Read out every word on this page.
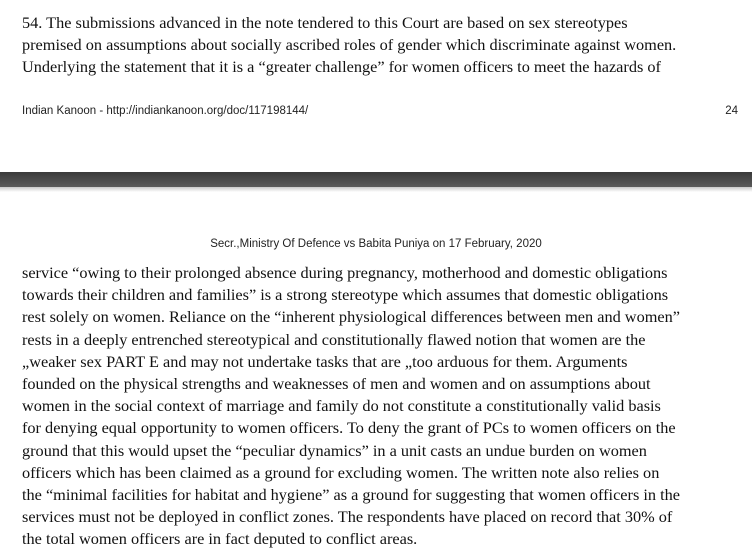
54. The submissions advanced in the note tendered to this Court are based on sex stereotypes
premised on assumptions about socially ascribed roles of gender which discriminate against women.
Underlying the statement that it is a “greater challenge” for women officers to meet the hazards of

Indian Kanoon - http://indiankanoon.org/doc/117198144/	24
Secr.,Ministry Of Defence vs Babita Puniya on 17 February, 2020

service “owing to their prolonged absence during pregnancy, motherhood and domestic obligations
towards their children and families” is a strong stereotype which assumes that domestic obligations
rest solely on women. Reliance on the “inherent physiological differences between men and women”
rests in a deeply entrenched stereotypical and constitutionally flawed notion that women are the
„weaker sex PART E and may not undertake tasks that are „too arduous for them. Arguments
founded on the physical strengths and weaknesses of men and women and on assumptions about
women in the social context of marriage and family do not constitute a constitutionally valid basis
for denying equal opportunity to women officers. To deny the grant of PCs to women officers on the
ground that this would upset the “peculiar dynamics” in a unit casts an undue burden on women
officers which has been claimed as a ground for excluding women. The written note also relies on
the “minimal facilities for habitat and hygiene” as a ground for suggesting that women officers in the
services must not be deployed in conflict zones. The respondents have placed on record that 30% of
the total women officers are in fact deputed to conflict areas.
